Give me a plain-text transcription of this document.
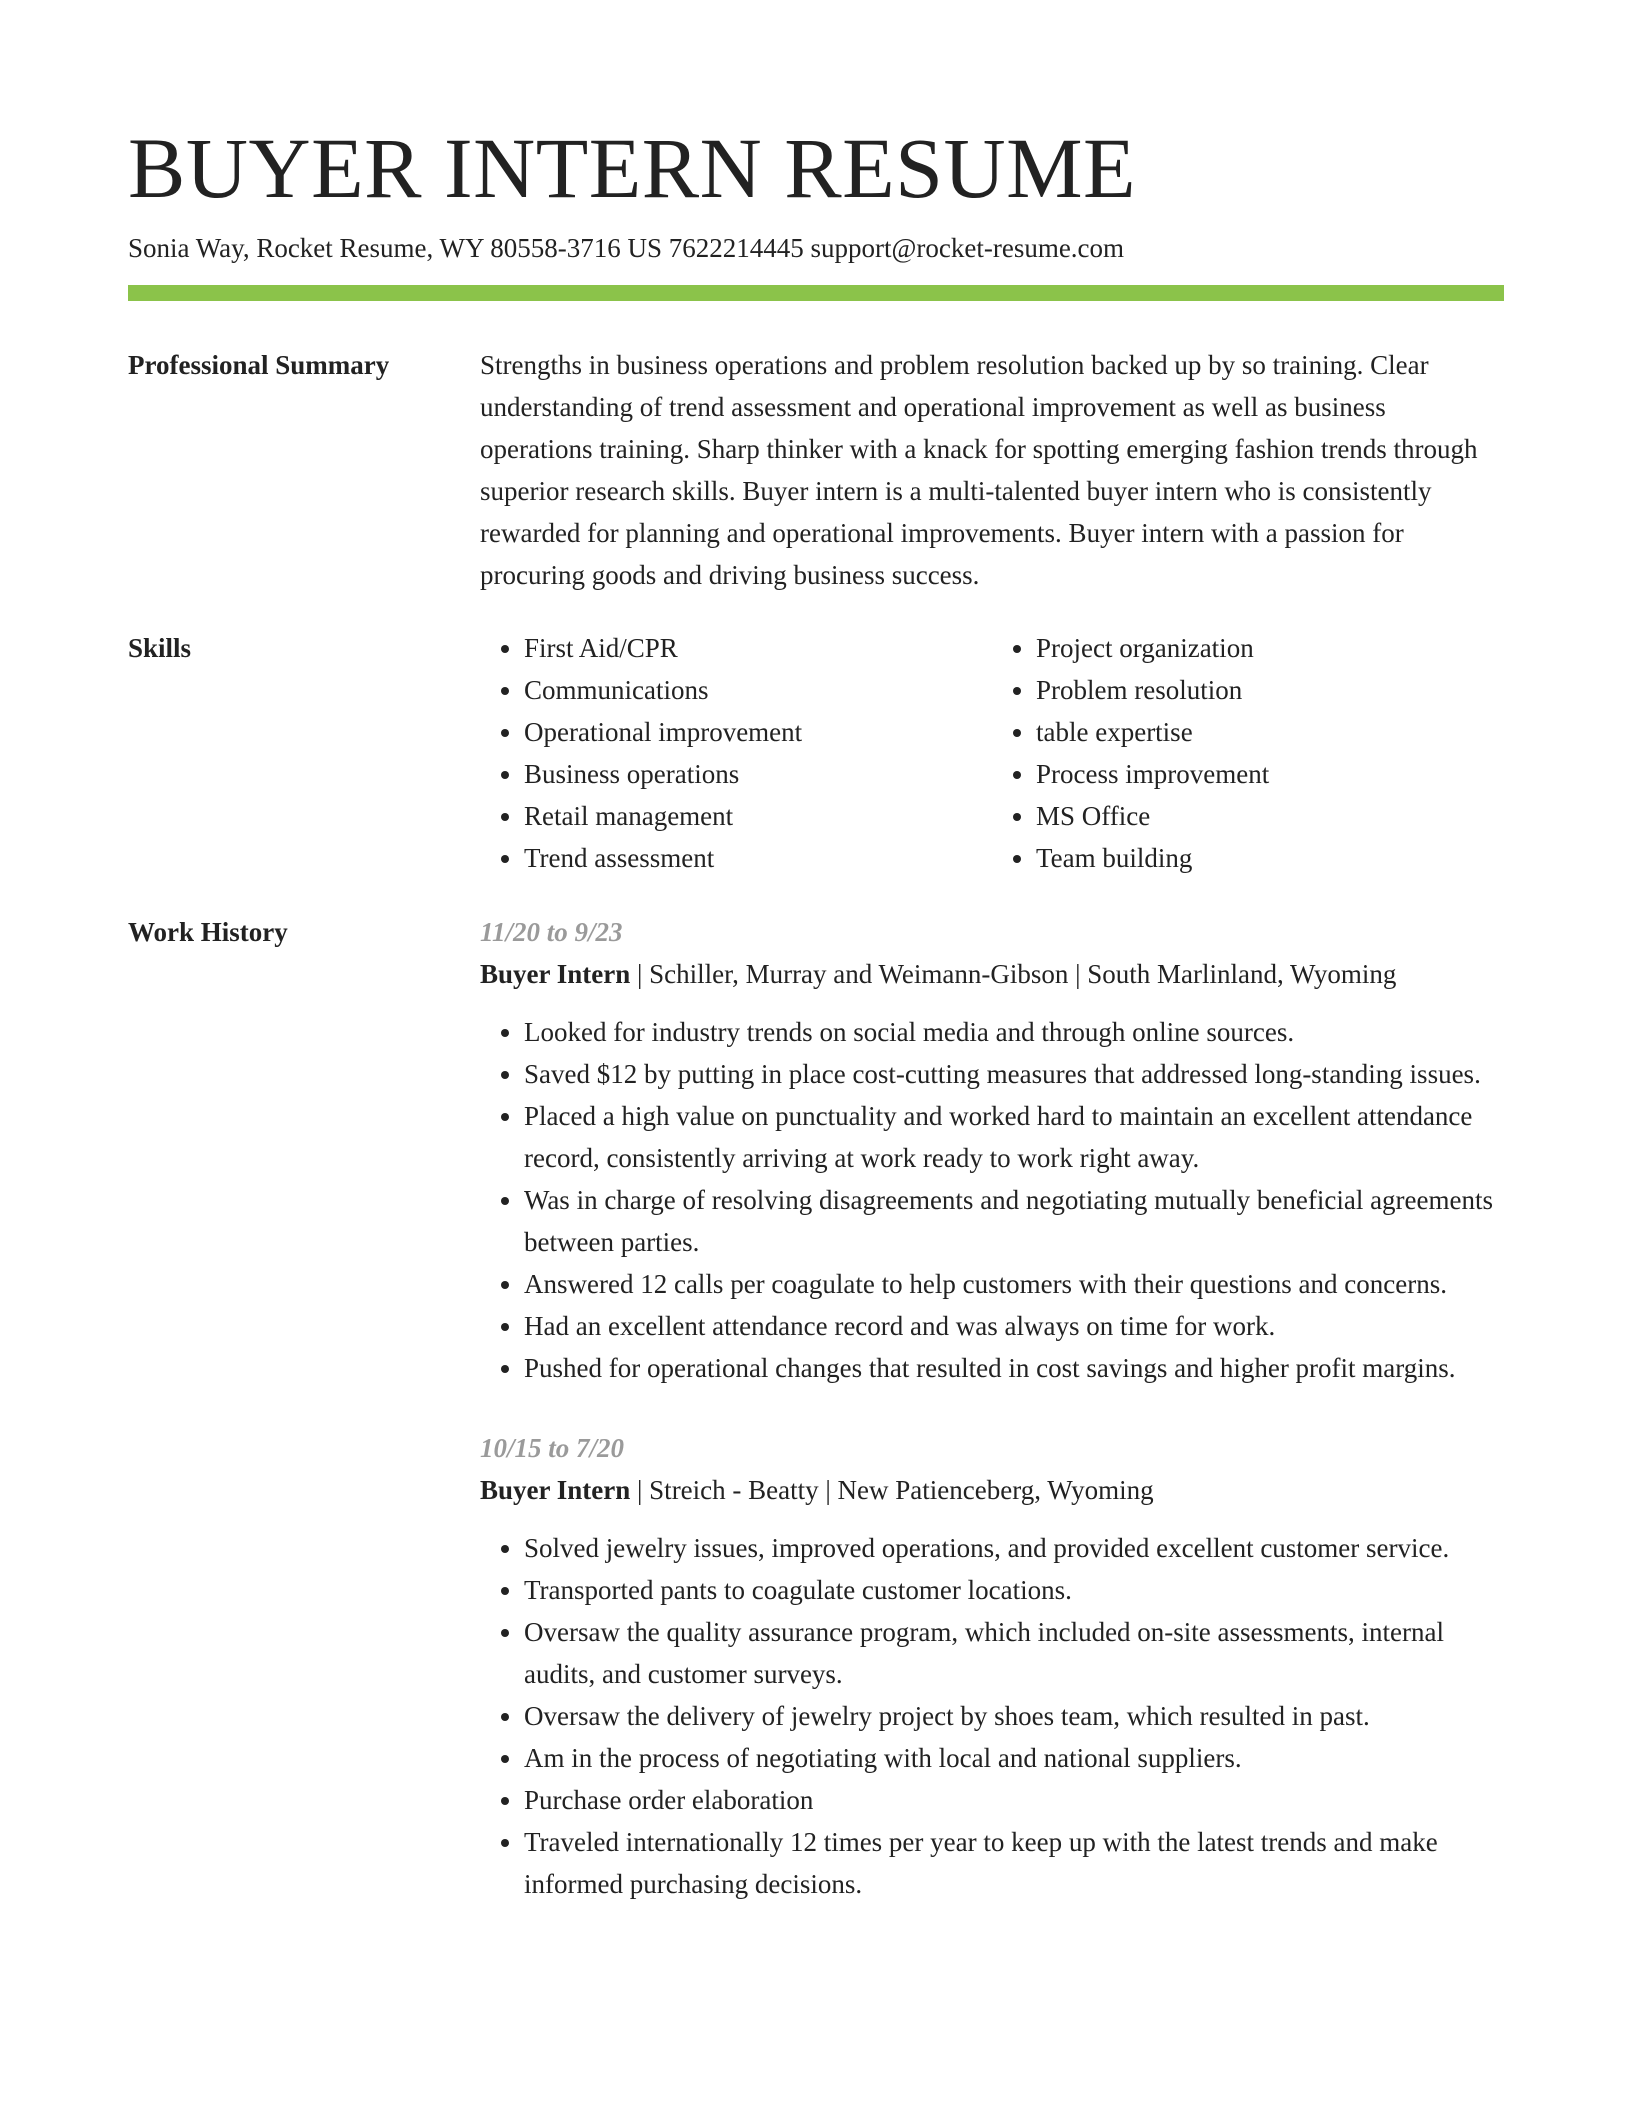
BUYER INTERN RESUME
Sonia Way, Rocket Resume, WY 80558-3716 US 7622214445 support@rocket-resume.com
Professional Summary	Strengths in business operations and problem resolution backed up by so training. Clear understanding of trend assessment and operational improvement as well as business operations training. Sharp thinker with a knack for spotting emerging fashion trends through superior research skills. Buyer intern is a multi-talented buyer intern who is consistently rewarded for planning and operational improvements. Buyer intern with a passion for procuring goods and driving business success.

Skills
•	First Aid/CPR
• Communications
• Operational improvement
• Business operations
• Retail management
• Trend assessment
• Project organization
• Problem resolution
• table expertise
• Process improvement
• MS Office
• Team building
Work History	11/20 to 9/23
Buyer Intern | Schiller, Murray and Weimann-Gibson | South Marlinland, Wyoming
• Looked for industry trends on social media and through online sources.
• Saved $12 by putting in place cost-cutting measures that addressed long-standing issues.
• Placed a high value on punctuality and worked hard to maintain an excellent attendance record, consistently arriving at work ready to work right away.
• Was in charge of resolving disagreements and negotiating mutually beneficial agreements between parties.
• Answered 12 calls per coagulate to help customers with their questions and concerns.
• Had an excellent attendance record and was always on time for work.
• Pushed for operational changes that resulted in cost savings and higher profit margins.
10/15 to 7/20
Buyer Intern | Streich - Beatty | New Patienceberg, Wyoming
• Solved jewelry issues, improved operations, and provided excellent customer service.
• Transported pants to coagulate customer locations.
• Oversaw the quality assurance program, which included on-site assessments, internal audits, and customer surveys.
• Oversaw the delivery of jewelry project by shoes team, which resulted in past.
• Am in the process of negotiating with local and national suppliers.
• Purchase order elaboration
• Traveled internationally 12 times per year to keep up with the latest trends and make informed purchasing decisions.
